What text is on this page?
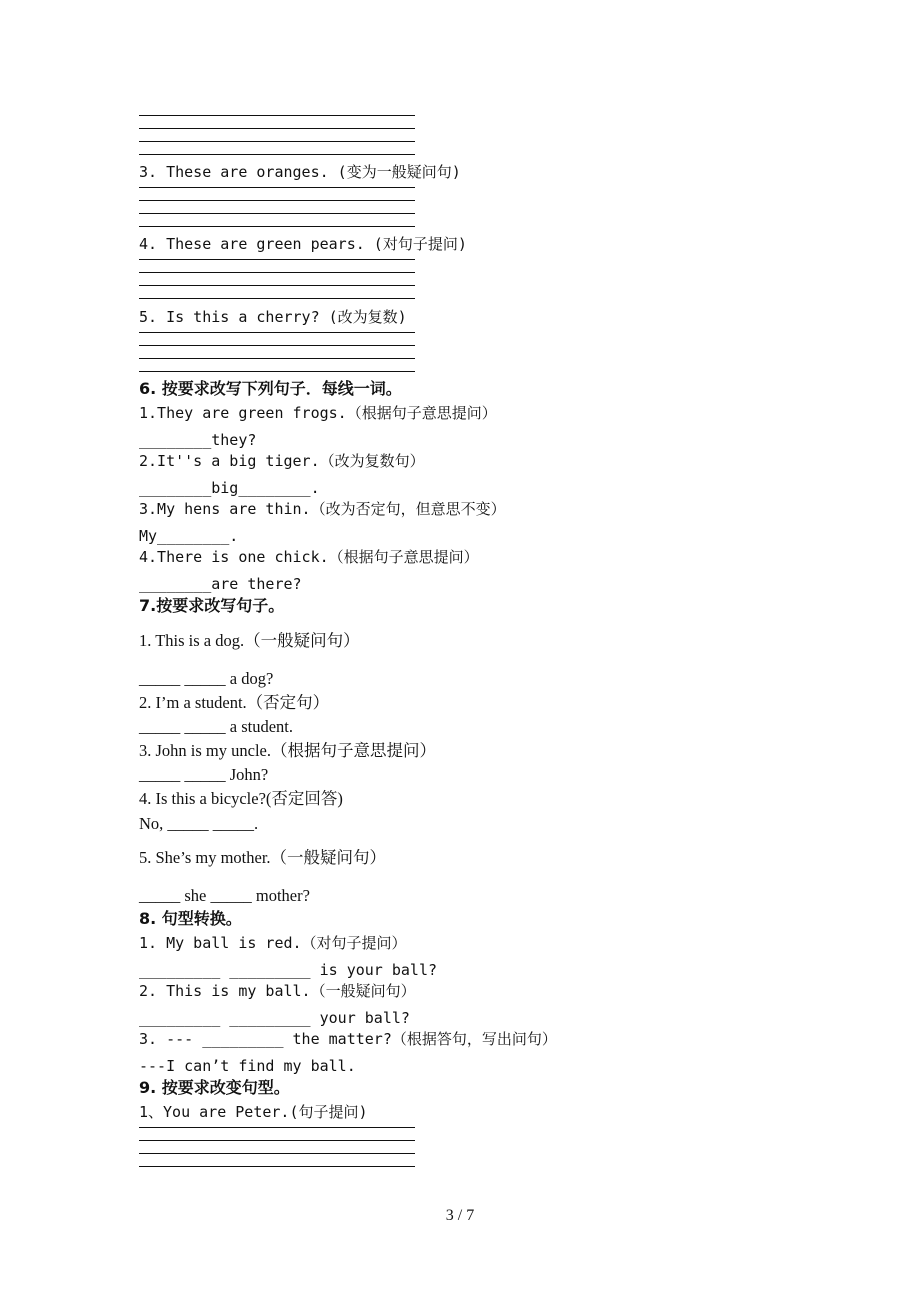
3. These are oranges. (变为一般疑问句)
4. These are green pears. (对句子提问)
5. Is this a cherry? (改为复数)
6. 按要求改写下列句子．每线一词。
1.They are green frogs.（根据句子意思提问）
________they?
2.It''s a big tiger.（改为复数句）
________big________.
3.My hens are thin.（改为否定句，但意思不变）
My________.
4.There is one chick.（根据句子意思提问）
________are there?
7.按要求改写句子。
1. This is a dog.（一般疑问句）
_____ _____ a dog?
2. I’m a student.（否定句）
_____ _____ a student.
3. John is my uncle.（根据句子意思提问）
_____ _____ John?
4. Is this a bicycle?(否定回答)
No, _____ _____.
5. She’s my mother.（一般疑问句）
_____ she _____ mother?
8. 句型转换。
1. My ball is red.（对句子提问）
_________ _________ is your ball?
2. This is my ball.（一般疑问句）
_________ _________ your ball?
3. --- _________ the matter?（根据答句，写出问句）
---I can’t find my ball.
9. 按要求改变句型。
1、You are Peter.(句子提问)
3 / 7
